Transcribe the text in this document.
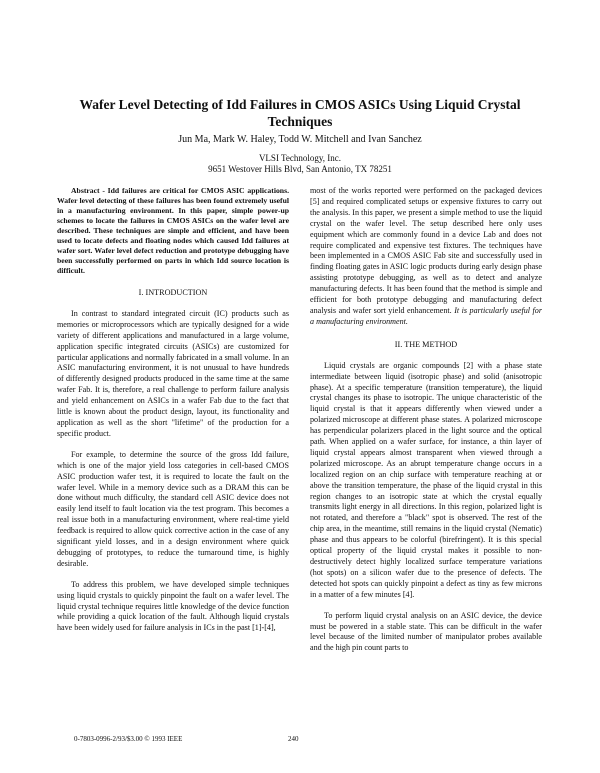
Wafer Level Detecting of Idd Failures in CMOS ASICs Using Liquid Crystal Techniques
Jun Ma, Mark W. Haley, Todd W. Mitchell and Ivan Sanchez
VLSI Technology, Inc.
9651 Westover Hills Blvd, San Antonio, TX 78251

Abstract - Idd failures are critical for CMOS ASIC applications. Wafer level detecting of these failures has been found extremely useful in a manufacturing environment. In this paper, simple power-up schemes to locate the failures in CMOS ASICs on the wafer level are described. These techniques are simple and efficient, and have been used to locate defects and floating nodes which caused Idd failures at wafer sort. Wafer level defect reduction and prototype debugging have been successfully performed on parts in which Idd source location is difficult.

I. INTRODUCTION

In contrast to standard integrated circuit (IC) products such as memories or microprocessors which are typically designed for a wide variety of different applications and manufactured in a large volume, application specific integrated circuits (ASICs) are customized for particular applications and normally fabricated in a small volume. In an ASIC manufacturing environment, it is not unusual to have hundreds of differently designed products produced in the same time at the same wafer Fab. It is, therefore, a real challenge to perform failure analysis and yield enhancement on ASICs in a wafer Fab due to the fact that little is known about the product design, layout, its functionality and application as well as the short "lifetime" of the production for a specific product.

For example, to determine the source of the gross Idd failure, which is one of the major yield loss categories in cell-based CMOS ASIC production wafer test, it is required to locate the fault on the wafer level. While in a memory device such as a DRAM this can be done without much difficulty, the standard cell ASIC device does not easily lend itself to fault location via the test program. This becomes a real issue both in a manufacturing environment, where real-time yield feedback is required to allow quick corrective action in the case of any significant yield losses, and in a design environment where quick debugging of prototypes, to reduce the turnaround time, is highly desirable.

To address this problem, we have developed simple techniques using liquid crystals to quickly pinpoint the fault on a wafer level. The liquid crystal technique requires little knowledge of the device function while providing a quick location of the fault. Although liquid crystals have been widely used for failure analysis in ICs in the past [1]-[4],

most of the works reported were performed on the packaged devices [5] and required complicated setups or expensive fixtures to carry out the analysis. In this paper, we present a simple method to use the liquid crystal on the wafer level. The setup described here only uses equipment which are commonly found in a device Lab and does not require complicated and expensive test fixtures. The techniques have been implemented in a CMOS ASIC Fab site and successfully used in finding floating gates in ASIC logic products during early design phase assisting prototype debugging, as well as to detect and analyze manufacturing defects. It has been found that the method is simple and efficient for both prototype debugging and manufacturing defect analysis and wafer sort yield enhancement. It is particularly useful for a manufacturing environment.

II. THE METHOD

Liquid crystals are organic compounds [2] with a phase state intermediate between liquid (isotropic phase) and solid (anisotropic phase). At a specific temperature (transition temperature), the liquid crystal changes its phase to isotropic. The unique characteristic of the liquid crystal is that it appears differently when viewed under a polarized microscope at different phase states. A polarized microscope has perpendicular polarizers placed in the light source and the optical path. When applied on a wafer surface, for instance, a thin layer of liquid crystal appears almost transparent when viewed through a polarized microscope. As an abrupt temperature change occurs in a localized region on an chip surface with temperature reaching at or above the transition temperature, the phase of the liquid crystal in this region changes to an isotropic state at which the crystal equally transmits light energy in all directions. In this region, polarized light is not rotated, and therefore a "black" spot is observed. The rest of the chip area, in the meantime, still remains in the liquid crystal (Nematic) phase and thus appears to be colorful (birefringent). It is this special optical property of the liquid crystal makes it possible to non-destructively detect highly localized surface temperature variations (hot spots) on a silicon wafer due to the presence of defects. The detected hot spots can quickly pinpoint a defect as tiny as few microns in a matter of a few minutes [4].

To perform liquid crystal analysis on an ASIC device, the device must be powered in a stable state. This can be difficult in the wafer level because of the limited number of manipulator probes available and the high pin count parts to

0-7803-0996-2/93/$3.00 © 1993 IEEE	240
